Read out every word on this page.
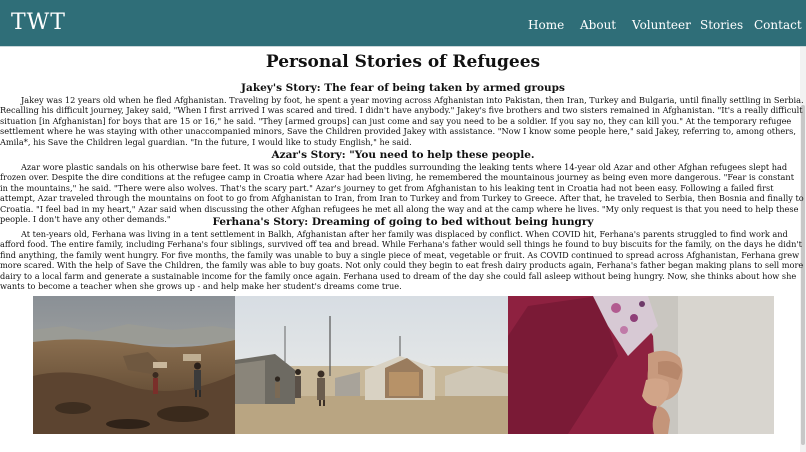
TWT	Home About Volunteer Stories Contact
Personal Stories of Refugees
Jakey's Story: The fear of being taken by armed groups

Jakey was 12 years old when he fled Afghanistan. Traveling by foot, he spent a year moving across Afghanistan into Pakistan, then Iran, Turkey and Bulgaria, until finally settling in Serbia. Recalling his difficult journey, Jakey said, "When I first arrived I was scared and tired. I didn't have anybody." Jakey's five brothers and two sisters remained in Afghanistan. "It's a really difficult situation [in Afghanistan] for boys that are 15 or 16," he said. "They [armed groups] can just come and say you need to be a soldier. If you say no, they can kill you." At the temporary refugee settlement where he was staying with other unaccompanied minors, Save the Children provided Jakey with assistance. "Now I know some people here," said Jakey, referring to, among others, Amila*, his Save the Children legal guardian. "In the future, I would like to study English," he said.

Azar's Story: "You need to help these people.

Azar wore plastic sandals on his otherwise bare feet. It was so cold outside, that the puddles surrounding the leaking tents where 14-year old Azar and other Afghan refugees slept had frozen over. Despite the dire conditions at the refugee camp in Croatia where Azar had been living, he remembered the mountainous journey as being even more dangerous. "Fear is constant in the mountains," he said. "There were also wolves. That's the scary part." Azar's journey to get from Afghanistan to his leaking tent in Croatia had not been easy. Following a failed first attempt, Azar traveled through the mountains on foot to go from Afghanistan to Iran, from Iran to Turkey and from Turkey to Greece. After that, he traveled to Serbia, then Bosnia and finally to Croatia. "I feel bad in my heart," Azar said when discussing the other Afghan refugees he met all along the way and at the camp where he lives. "My only request is that you need to help these people. I don't have any other demands."	Ferhana's Story: Dreaming of going to bed without being hungry

At ten-years old, Ferhana was living in a tent settlement in Balkh, Afghanistan after her family was displaced by conflict. When COVID hit, Ferhana's parents struggled to find work and afford food. The entire family, including Ferhana's four siblings, survived off tea and bread. While Ferhana's father would sell things he found to buy biscuits for the family, on the days he didn't find anything, the family went hungry. For five months, the family was unable to buy a single piece of meat, vegetable or fruit. As COVID continued to spread across Afghanistan, Ferhana grew more scared. With the help of Save the Children, the family was able to buy goats. Not only could they begin to eat fresh dairy products again, Ferhana's father began making plans to sell more dairy to a local farm and generate a sustainable income for the family once again. Ferhana used to dream of the day she could fall asleep without being hungry. Now, she thinks about how she wants to become a teacher when she grows up - and help make her student's dreams come true.
